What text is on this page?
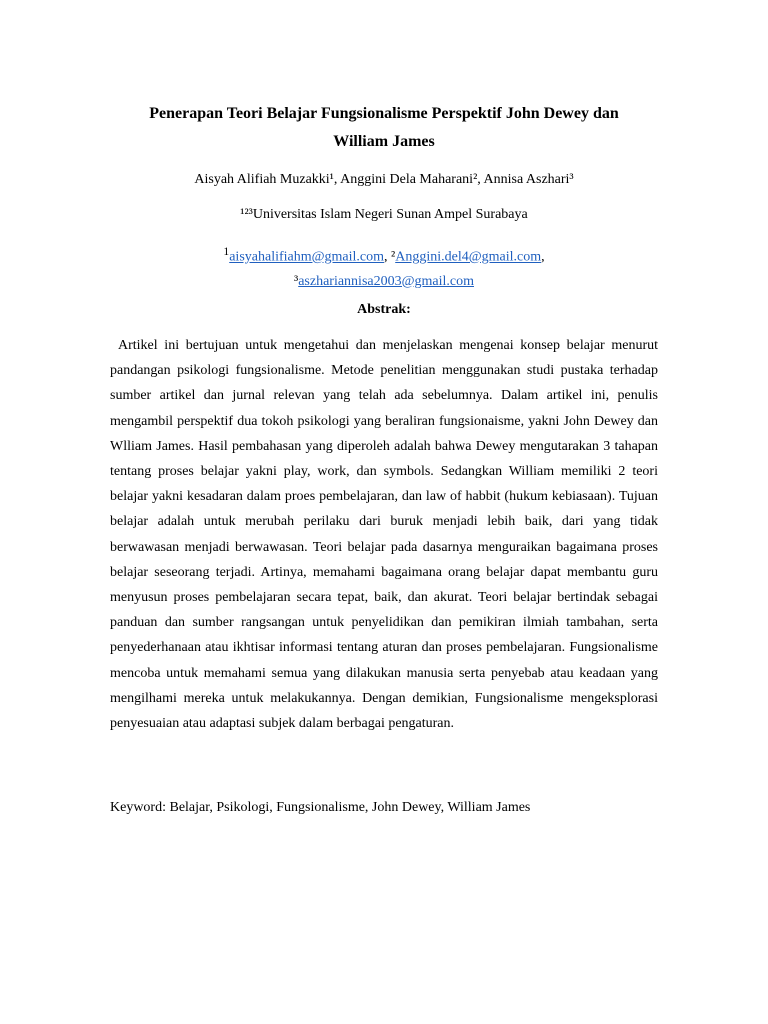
Penerapan Teori Belajar Fungsionalisme Perspektif John Dewey dan
William James
Aisyah Alifiah Muzakki¹, Anggini Dela Maharani², Annisa Aszhari³
¹²³Universitas Islam Negeri Sunan Ampel Surabaya
$^1$aisyahalifiahm@gmail.com, ²Anggini.del4@gmail.com,
³aszhariannisa2003@gmail.com
Abstrak:

Artikel ini bertujuan untuk mengetahui dan menjelaskan mengenai konsep belajar menurut pandangan psikologi fungsionalisme. Metode penelitian menggunakan studi pustaka terhadap sumber artikel dan jurnal relevan yang telah ada sebelumnya. Dalam artikel ini, penulis mengambil perspektif dua tokoh psikologi yang beraliran fungsionaisme, yakni John Dewey dan Wlliam James. Hasil pembahasan yang diperoleh adalah bahwa Dewey mengutarakan 3 tahapan tentang proses belajar yakni play, work, dan symbols. Sedangkan William memiliki 2 teori belajar yakni kesadaran dalam proes pembelajaran, dan law of habbit (hukum kebiasaan). Tujuan belajar adalah untuk merubah perilaku dari buruk menjadi lebih baik, dari yang tidak berwawasan menjadi berwawasan. Teori belajar pada dasarnya menguraikan bagaimana proses belajar seseorang terjadi. Artinya, memahami bagaimana orang belajar dapat membantu guru menyusun proses pembelajaran secara tepat, baik, dan akurat. Teori belajar bertindak sebagai panduan dan sumber rangsangan untuk penyelidikan dan pemikiran ilmiah tambahan, serta penyederhanaan atau ikhtisar informasi tentang aturan dan proses pembelajaran. Fungsionalisme mencoba untuk memahami semua yang dilakukan manusia serta penyebab atau keadaan yang mengilhami mereka untuk melakukannya. Dengan demikian, Fungsionalisme mengeksplorasi penyesuaian atau adaptasi subjek dalam berbagai pengaturan.

Keyword: Belajar, Psikologi, Fungsionalisme, John Dewey, William James
